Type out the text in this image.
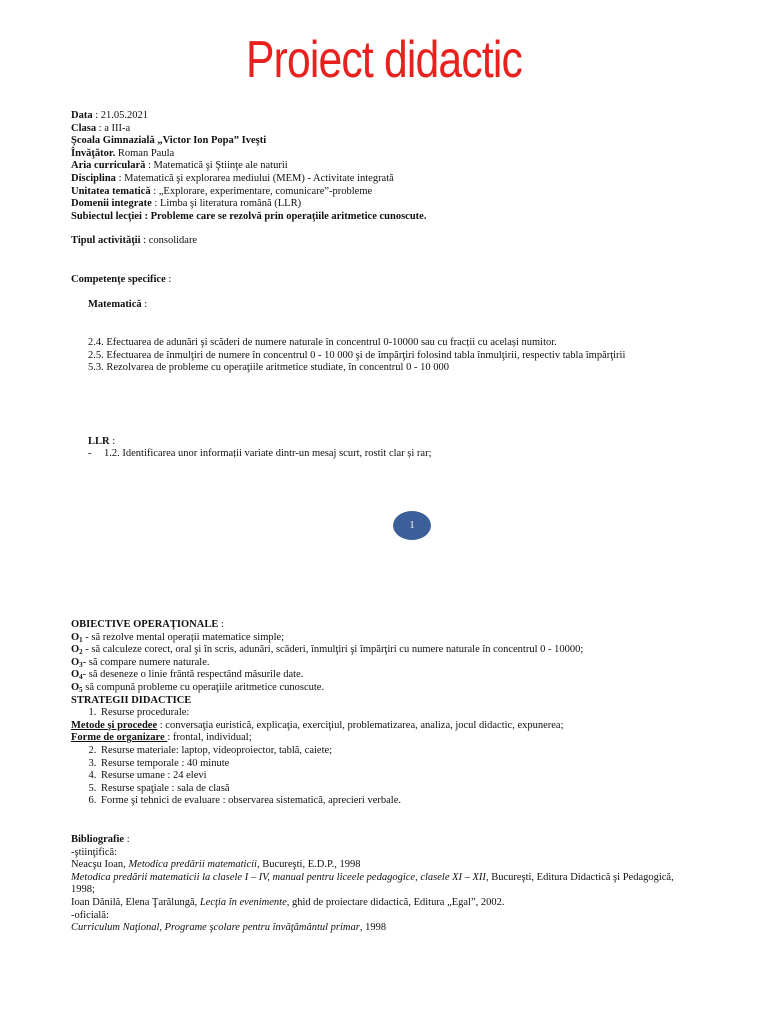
Proiect didactic
Data : 21.05.2021
Clasa : a III-a
Şcoala Gimnazială „Victor Ion Popa” Iveşti
Învăţător. Roman Paula
Aria curriculară : Matematică şi Ştiinţe ale naturii
Disciplina : Matematică şi explorarea mediului (MEM) - Activitate integrată
Unitatea tematică : „Explorare, experimentare, comunicare”-probleme
Domenii integrate : Limba şi literatura română (LLR)
Subiectul lecţiei : Probleme care se rezolvă prin operaţiile aritmetice cunoscute.
Tipul activităţii : consolidare
Competenţe specifice :
Matematică :
2.4. Efectuarea de adunări şi scăderi de numere naturale în concentrul 0-10000 sau cu fracții cu același numitor.
2.5. Efectuarea de înmulţiri de numere în concentrul 0 - 10 000 şi de împărţiri folosind tabla înmulţirii, respectiv tabla împărţirii
5.3. Rezolvarea de probleme cu operaţiile aritmetice studiate, în concentrul 0 - 10 000
LLR :
- 1.2. Identificarea unor informații variate dintr-un mesaj scurt, rostit clar și rar;
1
OBIECTIVE OPERAŢIONALE :
$O_1$ - să rezolve mental operații matematice simple;
$O_2$ - să calculeze corect, oral şi în scris, adunări, scăderi, înmulţiri şi împărţiri cu numere naturale în concentrul 0 - 10000;
$O_3-$ să compare numere naturale.
$O_4-$ să deseneze o linie frântă respectând măsurile date.
$O_5$ să compună probleme cu operaţiile aritmetice cunoscute.
STRATEGII DIDACTICE
1. Resurse procedurale:
Metode şi procedee : conversaţia euristică, explicaţia, exerciţiul, problematizarea, analiza, jocul didactic, expunerea;
Forme de organizare : frontal, individual;
2. Resurse materiale: laptop, videoproiector, tablă, caiete;
3. Resurse temporale : 40 minute
4. Resurse umane : 24 elevi
5. Resurse spaţiale : sala de clasă
6. Forme şi tehnici de evaluare : observarea sistematică, aprecieri verbale.
Bibliografie :
-ştiinţifică:
Neacşu Ioan, Metodica predării matematicii, Bucureşti, E.D.P., 1998
Metodica predării matematicii la clasele I – IV, manual pentru liceele pedagogice, clasele XI – XII, Bucureşti, Editura Didactică şi Pedagogică,
1998;
Ioan Dănilă, Elena Ţarălungă, Lecţia în evenimente, ghid de proiectare didactică, Editura „Egal”, 2002.
-oficială:
Curriculum Naţional, Programe şcolare pentru învăţământul primar, 1998
